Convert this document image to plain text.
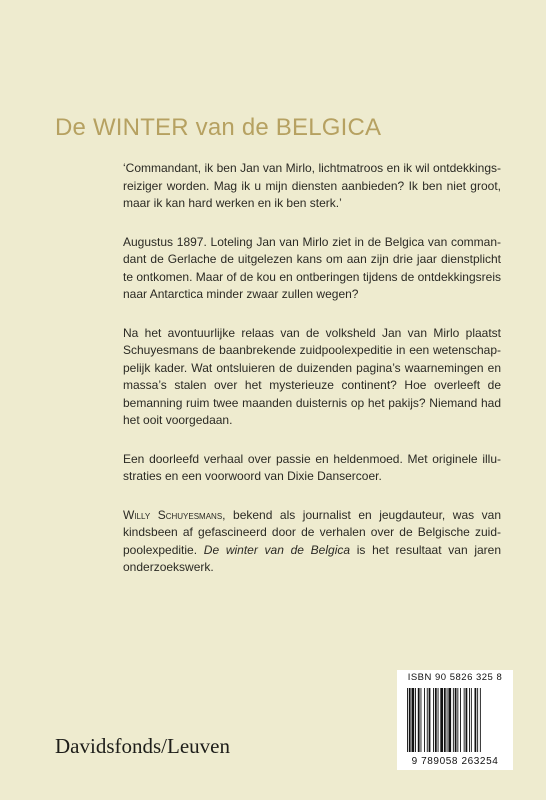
De WINTER van de BELGICA

‘Commandant, ik ben Jan van Mirlo, lichtmatroos en ik wil ontdekkingsreiziger worden. Mag ik u mijn diensten aanbieden? Ik ben niet groot, maar ik kan hard werken en ik ben sterk.’

Augustus 1897. Loteling Jan van Mirlo ziet in de Belgica van commandant de Gerlache de uitgelezen kans om aan zijn drie jaar dienstplicht te ontkomen. Maar of de kou en ontberingen tijdens de ontdekkingsreis naar Antarctica minder zwaar zullen wegen?

Na het avontuurlijke relaas van de volksheld Jan van Mirlo plaatst Schuyesmans de baanbrekende zuidpoolexpeditie in een wetenschappelijk kader. Wat ontsluieren de duizenden pagina’s waarnemingen en massa’s stalen over het mysterieuze continent? Hoe overleeft de bemanning ruim twee maanden duisternis op het pakijs? Niemand had het ooit voorgedaan.

Een doorleefd verhaal over passie en heldenmoed. Met originele illustraties en een voorwoord van Dixie Dansercoer.

Willy Schuyesmans, bekend als journalist en jeugdauteur, was van kindsbeen af gefascineerd door de verhalen over de Belgische zuidpoolexpeditie. De winter van de Belgica is het resultaat van jaren onderzoekswerk.

Davidsfonds/Leuven
ISBN 90 5826 325 8
9 789058 263254
